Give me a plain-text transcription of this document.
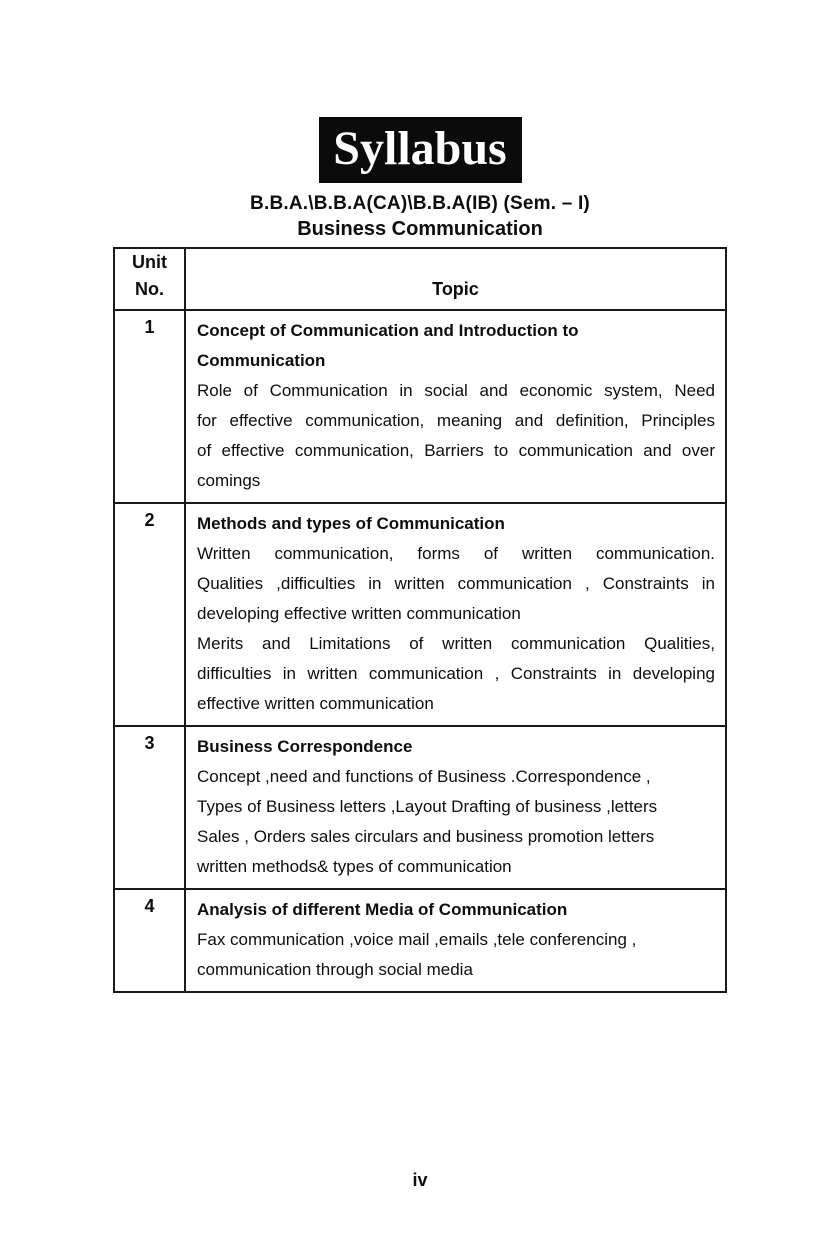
Syllabus
B.B.A.\B.B.A(CA)\B.B.A(IB) (Sem. – I)
Business Communication
Unit
No.	Topic

1	Concept of Communication and Introduction to
Communication
Role of Communication in social and economic system, Need
for effective communication, meaning and definition, Principles
of effective communication, Barriers to communication and over
comings

2	Methods and types of Communication
Written communication, forms of written communication.
Qualities ,difficulties in written communication , Constraints in
developing effective written communication
Merits and Limitations of written communication Qualities,
difficulties in written communication , Constraints in developing
effective written communication

3	Business Correspondence
Concept ,need and functions of Business .Correspondence ,
Types of Business letters ,Layout Drafting of business ,letters
Sales , Orders sales circulars and business promotion letters
written methods& types of communication

4	Analysis of different Media of Communication
Fax communication ,voice mail ,emails ,tele conferencing ,
communication through social media
iv
